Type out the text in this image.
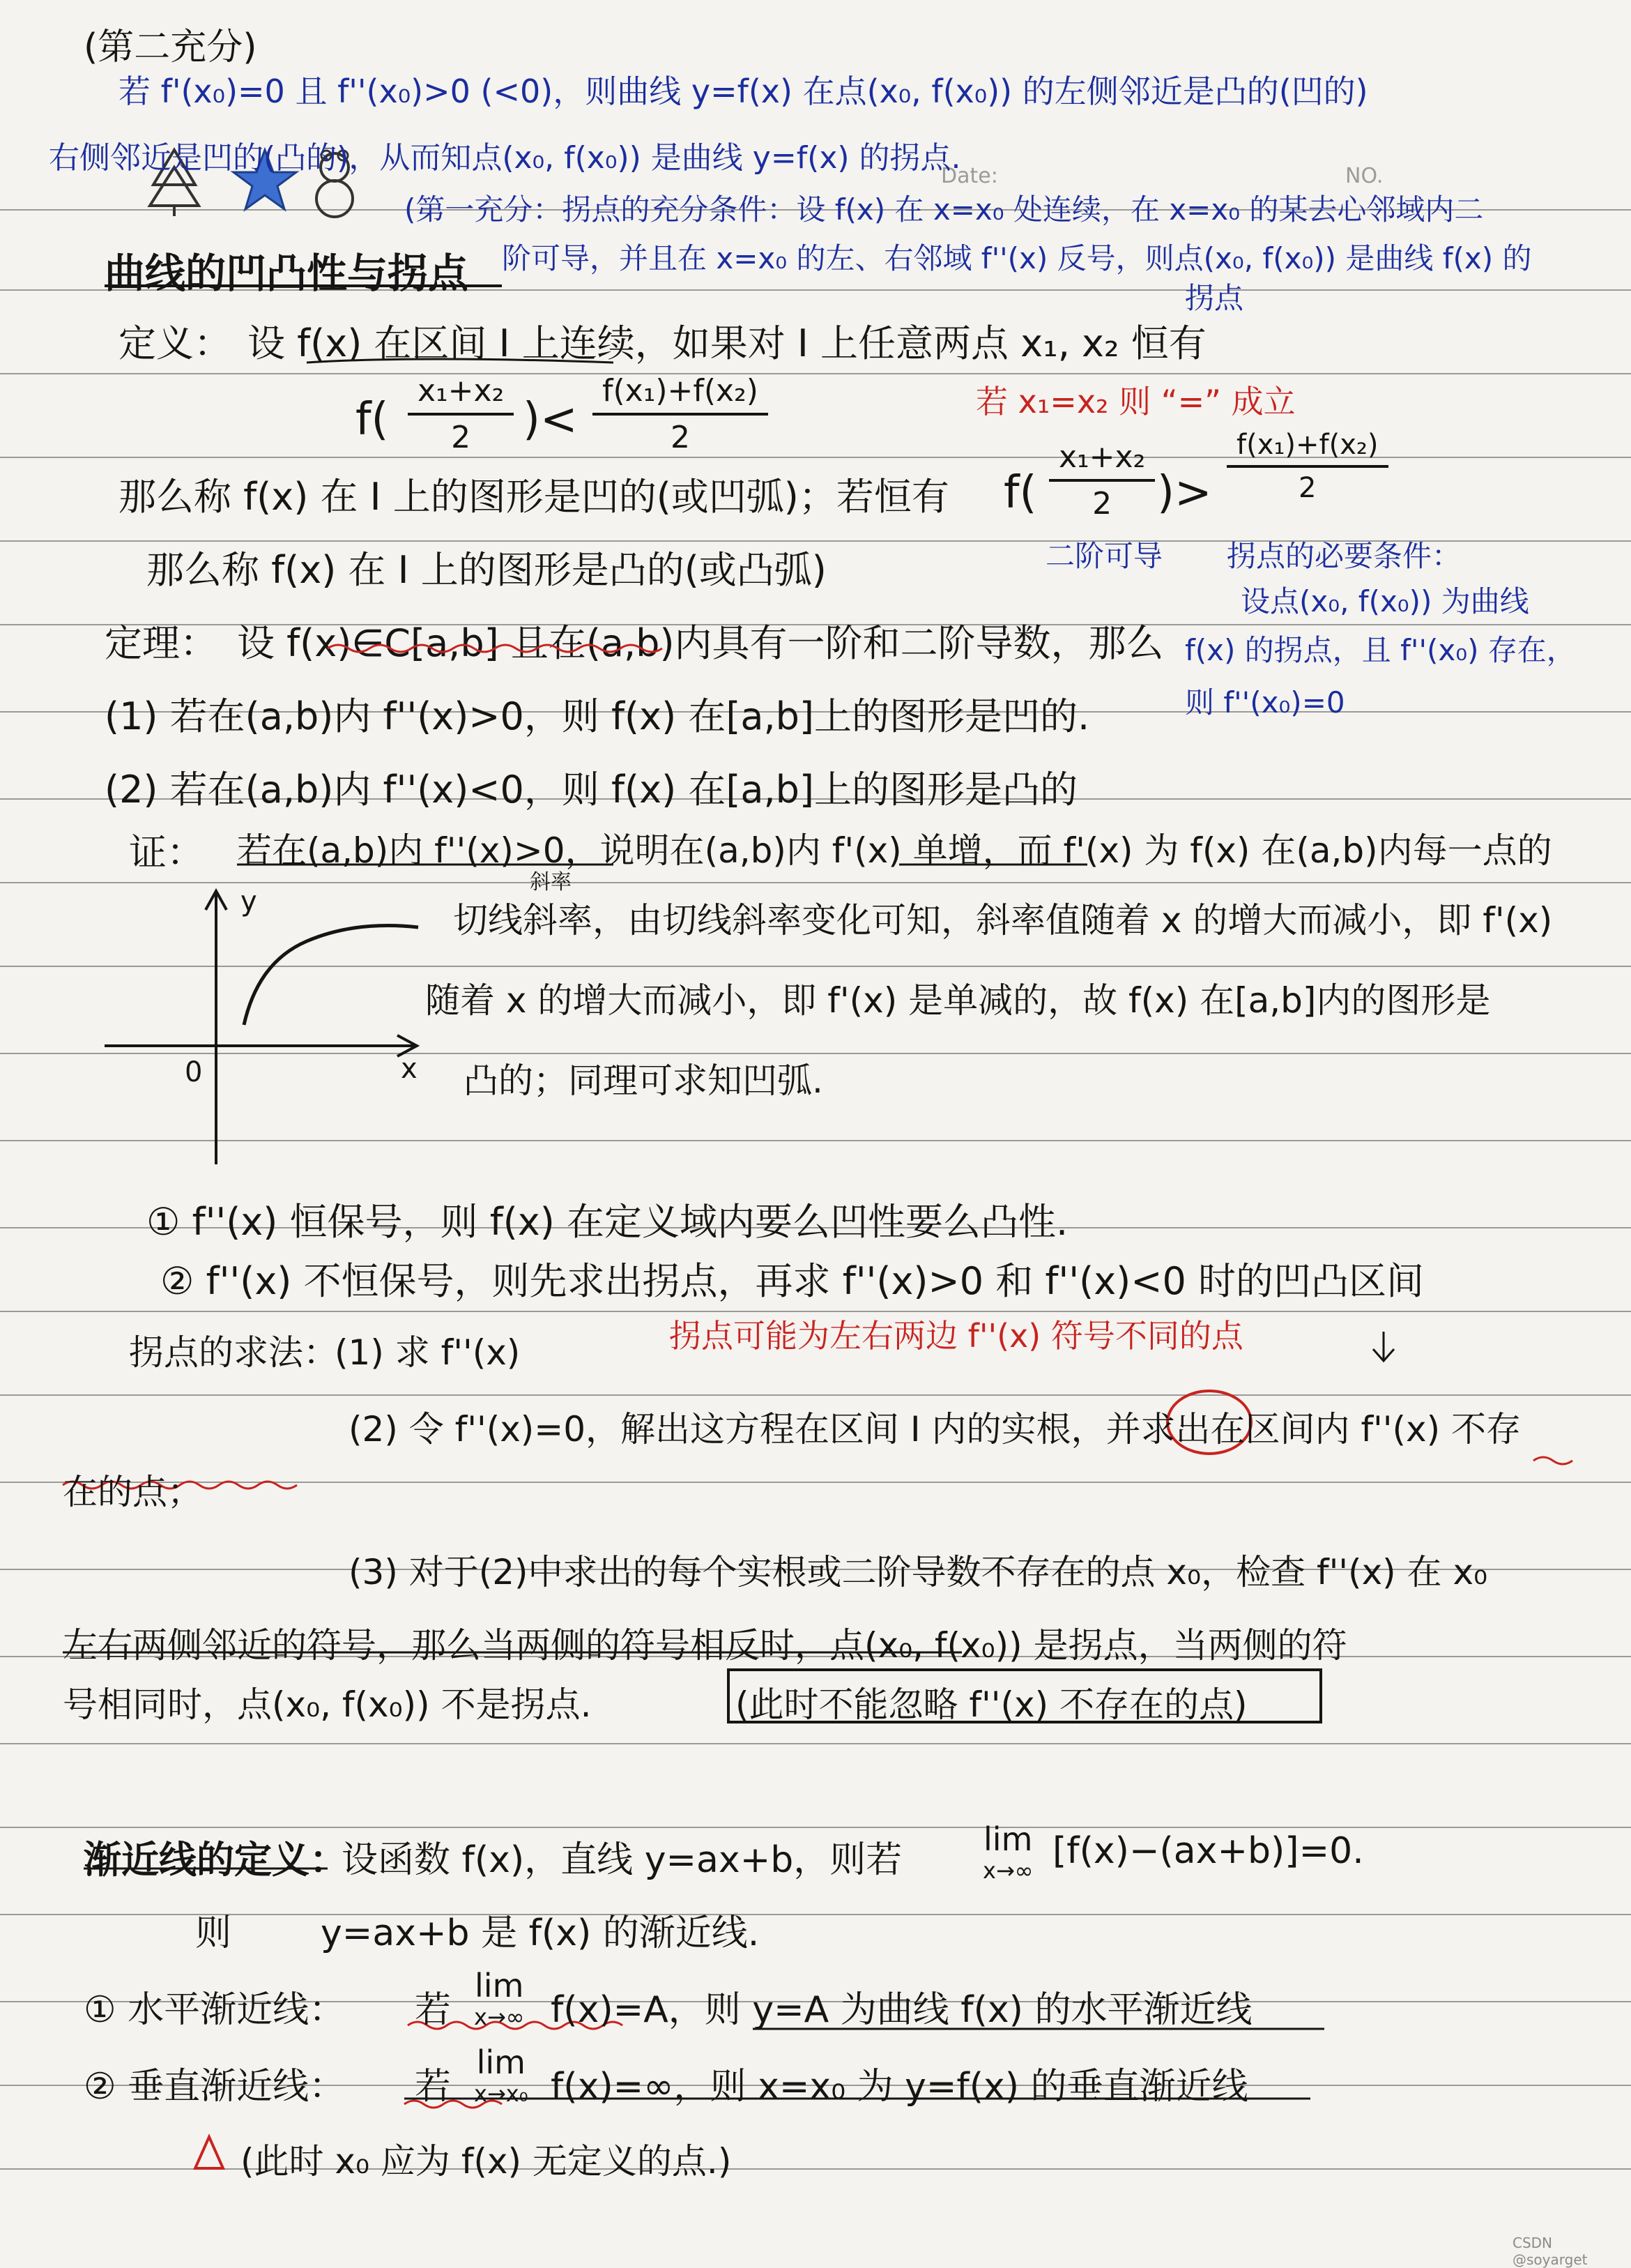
Date:	NO.
(第二充分)
若 f'(x₀)=0 且 f''(x₀)>0 (<0)，则曲线 y=f(x) 在点(x₀, f(x₀)) 的左侧邻近是凸的(凹的)
右侧邻近是凹的(凸的)，从而知点(x₀, f(x₀)) 是曲线 y=f(x) 的拐点.
(第一充分：拐点的充分条件：设 f(x) 在 x=x₀ 处连续，在 x=x₀ 的某去心邻域内二
阶可导，并且在 x=x₀ 的左、右邻域 f''(x) 反号，则点(x₀, f(x₀)) 是曲线 f(x) 的
拐点
曲线的凹凸性与拐点
定义： 设 f(x) 在区间 I 上连续，如果对 I 上任意两点 x₁, x₂ 恒有
$f( \frac{\text{x₁+x₂}}{2}$ )< $\frac{\text{f(x₁)+f(x₂)}}{2}$	若 x₁=x₂ 则 “=” 成立
那么称 f(x) 在 I 上的图形是凹的(或凹弧)；若恒有 $f( \frac{\text{x₁+x₂}}{2}$ )> $\frac{\text{f(x₁)+f(x₂)}}{2}$
那么称 f(x) 在 I 上的图形是凸的(或凸弧)	二阶可导 拐点的必要条件：
设点(x₀, f(x₀)) 为曲线
f(x) 的拐点，且 f''(x₀) 存在，
则 f''(x₀)=0
定理： 设 f(x)∈C[a,b] 且在(a,b)内具有一阶和二阶导数，那么
(1) 若在(a,b)内 f''(x)>0，则 f(x) 在[a,b]上的图形是凹的.
(2) 若在(a,b)内 f''(x)<0，则 f(x) 在[a,b]上的图形是凸的
证： 若在(a,b)内 f''(x)>0，说明在(a,b)内 f'(x) 单增，而 f'(x) 为 f(x) 在(a,b)内每一点的
斜率
切线斜率，由切线斜率变化可知，斜率值随着 x 的增大而减小，即 f'(x)
随着 x 的增大而减小，即 f'(x) 是单减的，故 f(x) 在[a,b]内的图形是
凸的；同理可求知凹弧.
y
x
0
① f''(x) 恒保号，则 f(x) 在定义域内要么凹性要么凸性.
② f''(x) 不恒保号，则先求出拐点，再求 f''(x)>0 和 f''(x)<0 时的凹凸区间
拐点的求法：
(1) 求 f''(x)	拐点可能为左右两边 f''(x) 符号不同的点
(2) 令 f''(x)=0，解出这方程在区间 I 内的实根，并求出在区间内 f''(x) 不存
在的点；
(3) 对于(2)中求出的每个实根或二阶导数不存在的点 x₀，检查 f''(x) 在 x₀
左右两侧邻近的符号，那么当两侧的符号相反时，点(x₀, f(x₀)) 是拐点，当两侧的符
号相同时，点(x₀, f(x₀)) 不是拐点.	(此时不能忽略 f''(x) 不存在的点)
渐近线的定义：
设函数 f(x)，直线 y=ax+b，则若	lim
x→∞ [f(x)−(ax+b)]=0.
则 y=ax+b 是 f(x) 的渐近线.
① 水平渐近线： 若
lim
x→∞ f(x)=A，则 y=A 为曲线 f(x) 的水平渐近线
② 垂直渐近线： 若
lim
x→x₀ f(x)=∞，则 x=x₀ 为 y=f(x) 的垂直渐近线
(此时 x₀ 应为 f(x) 无定义的点.)
CSDN @soyarget
